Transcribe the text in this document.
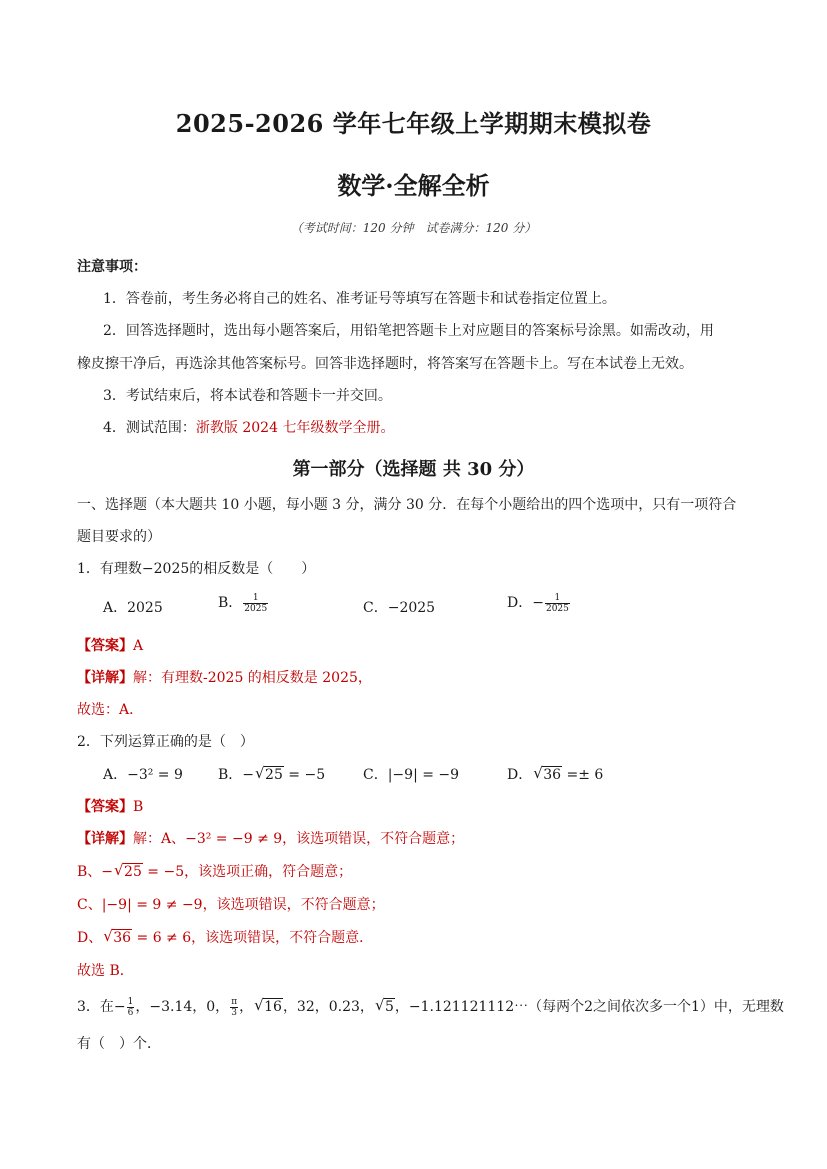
2025-2026 学年七年级上学期期末模拟卷
数学·全解全析
（考试时间：120 分钟　试卷满分：120 分）
注意事项：
1．答卷前，考生务必将自己的姓名、准考证号等填写在答题卡和试卷指定位置上。
2．回答选择题时，选出每小题答案后，用铅笔把答题卡上对应题目的答案标号涂黑。如需改动，用
橡皮擦干净后，再选涂其他答案标号。回答非选择题时，将答案写在答题卡上。写在本试卷上无效。
3．考试结束后，将本试卷和答题卡一并交回。
4．测试范围：浙教版 2024 七年级数学全册。
第一部分（选择题 共 30 分）
一、选择题（本大题共 10 小题，每小题 3 分，满分 30 分．在每个小题给出的四个选项中，只有一项符合
题目要求的）
1．有理数−2025的相反数是（　　）
A．2025	B． $\frac{1}{2025}$	C．−2025	D．− $\frac{1}{2025}$
【答案】A
【详解】解：有理数-2025 的相反数是 2025，
故选：A．
2．下列运算正确的是（　）
A．−3² = 9	B．− √ 25 = −5	C．|−9| = −9	D． √ 36 =± 6
【答案】B
【详解】解：A、−3² = −9 ≠ 9，该选项错误，不符合题意；
B、− √ 25 = −5，该选项正确，符合题意；
C、|−9| = 9 ≠ −9，该选项错误，不符合题意；
D、 √ 36 = 6 ≠ 6，该选项错误，不符合题意．
故选 B．
3．在− $\frac{1}{6}$ ，−3.14，0， $\frac{\pi}{3}$ ， √ 16，32，0.23， √ 5，−1.121121112⋯（每两个2之间依次多一个1）中，无理数
有（　）个．
